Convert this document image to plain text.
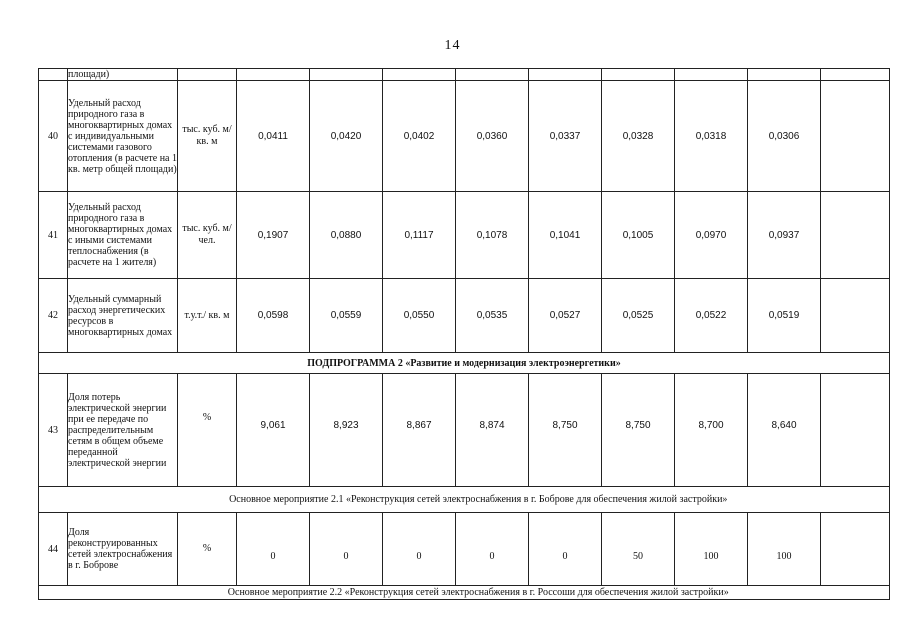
14
	площади)										
40	Удельный расход природного газа в многоквартирных домах с индивидуальными системами газового отопления (в расчете на 1 кв. метр общей площади)	тыс. куб. м/ кв. м	0,0411	0,0420	0,0402	0,0360	0,0337	0,0328	0,0318	0,0306	
41	Удельный расход природного газа в многоквартирных домах с иными системами теплоснабжения (в расчете на 1 жителя)	тыс. куб. м/ чел.	0,1907	0,0880	0,1117	0,1078	0,1041	0,1005	0,0970	0,0937	
42	Удельный суммарный расход энергетических ресурсов в многоквартирных домах	т.у.т./ кв. м	0,0598	0,0559	0,0550	0,0535	0,0527	0,0525	0,0522	0,0519	
ПОДПРОГРАММА 2 «Развитие и модернизация электроэнергетики»											
43	Доля потерь электрической энергии при ее передаче по распределительным сетям в общем объеме переданной электрической энергии	%	9,061	8,923	8,867	8,874	8,750	8,750	8,700	8,640	
	Основное мероприятие 2.1 «Реконструкция сетей электроснабжения в г. Боброве для обеспечения жилой застройки»										
44	Доля реконструированных сетей электроснабжения в г. Боброве	%	0	0	0	0	0	50	100	100	
	Основное мероприятие 2.2 «Реконструкция сетей электроснабжения в г. Россоши для обеспечения жилой застройки»										
